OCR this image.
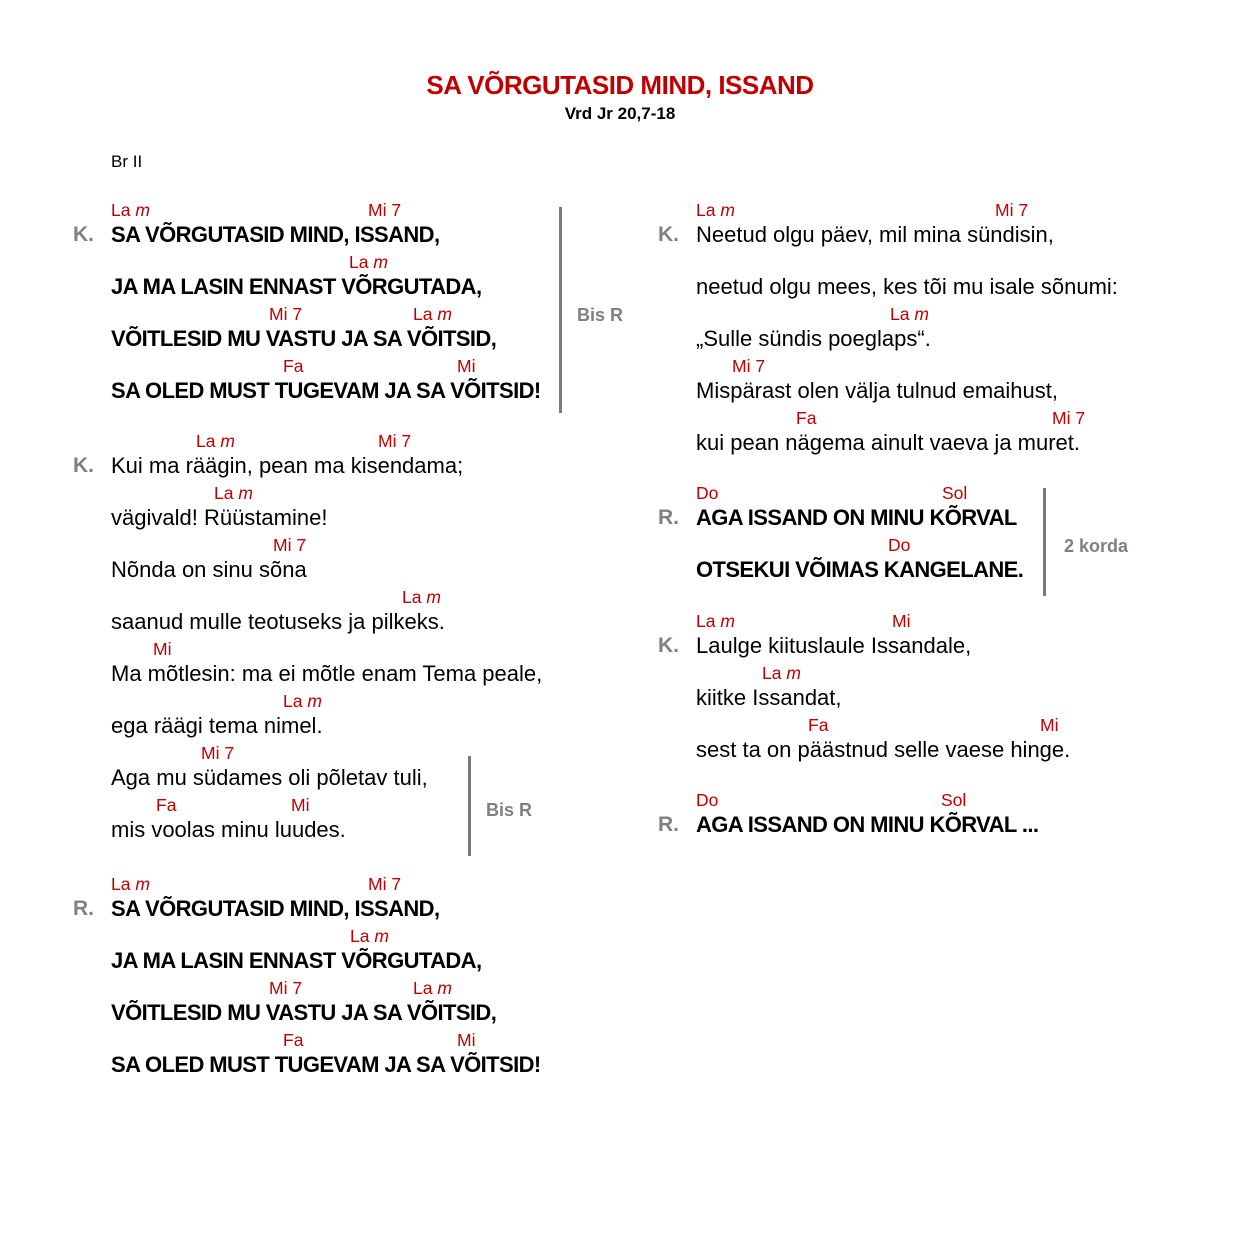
SA VÕRGUTASID MIND, ISSAND
Vrd Jr 20,7-18
Br II
La m	Mi 7
K. SA VÕRGUTASID MIND, ISSAND,
La m
JA MA LASIN ENNAST VÕRGUTADA,
Mi 7	La m
VÕITLESID MU VASTU JA SA VÕITSID,
Fa	Mi
SA OLED MUST TUGEVAM JA SA VÕITSID!
Bis R
La m	Mi 7
K. Kui ma räägin, pean ma kisendama;
La m
vägivald! Rüüstamine!
Mi 7
Nõnda on sinu sõna
La m
saanud mulle teotuseks ja pilkeks.
Mi
Ma mõtlesin: ma ei mõtle enam Tema peale,
La m
ega räägi tema nimel.
Mi 7
Aga mu südames oli põletav tuli,
Fa	Mi
mis voolas minu luudes.
Bis R
La m	Mi 7
R. SA VÕRGUTASID MIND, ISSAND,
La m
JA MA LASIN ENNAST VÕRGUTADA,
Mi 7	La m
VÕITLESID MU VASTU JA SA VÕITSID,
Fa	Mi
SA OLED MUST TUGEVAM JA SA VÕITSID!
La m	Mi 7
K. Neetud olgu päev, mil mina sündisin,
neetud olgu mees, kes tõi mu isale sõnumi:
La m
„Sulle sündis poeglaps“.
Mi 7
Mispärast olen välja tulnud emaihust,
Fa	Mi 7
kui pean nägema ainult vaeva ja muret.
Do	Sol
R. AGA ISSAND ON MINU KÕRVAL
Do
OTSEKUI VÕIMAS KANGELANE.
2 korda
La m	Mi
K. Laulge kiituslaule Issandale,
La m
kiitke Issandat,
Fa	Mi
sest ta on päästnud selle vaese hinge.
Do	Sol
R. AGA ISSAND ON MINU KÕRVAL ...
